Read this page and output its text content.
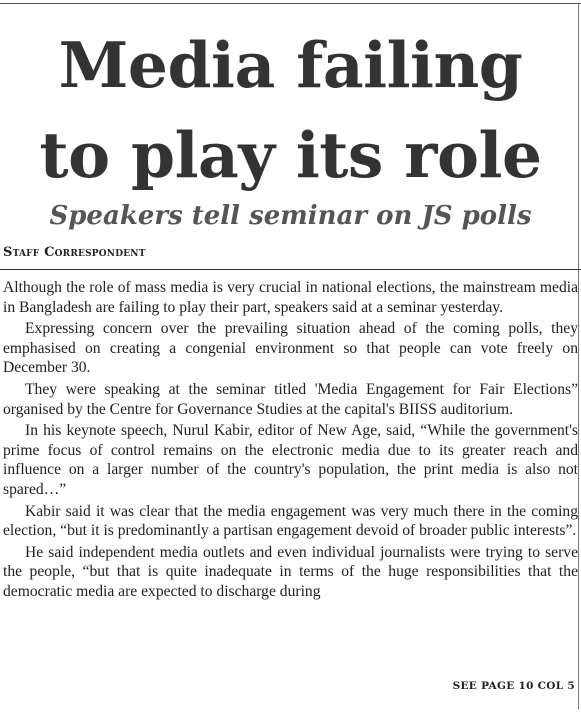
Media failing
to play its role
Speakers tell seminar on JS polls
Staff Correspondent

Although the role of mass media is very crucial in national elections, the mainstream media in Bangladesh are failing to play their part, speakers said at a seminar yesterday.

Expressing concern over the prevailing situation ahead of the coming polls, they emphasised on creating a congenial environment so that people can vote freely on December 30.

They were speaking at the seminar titled 'Media Engagement for Fair Elections” organised by the Centre for Governance Studies at the capital's BIISS auditorium.

In his keynote speech, Nurul Kabir, editor of New Age, said, “While the government's prime focus of control remains on the electronic media due to its greater reach and influence on a larger number of the country's population, the print media is also not spared…”

Kabir said it was clear that the media engagement was very much there in the coming election, “but it is predominantly a partisan engagement devoid of broader public interests”.

He said independent media outlets and even individual journalists were trying to serve the people, “but that is quite inadequate in terms of the huge responsibilities that the democratic media are expected to discharge during

SEE PAGE 10 COL 5
